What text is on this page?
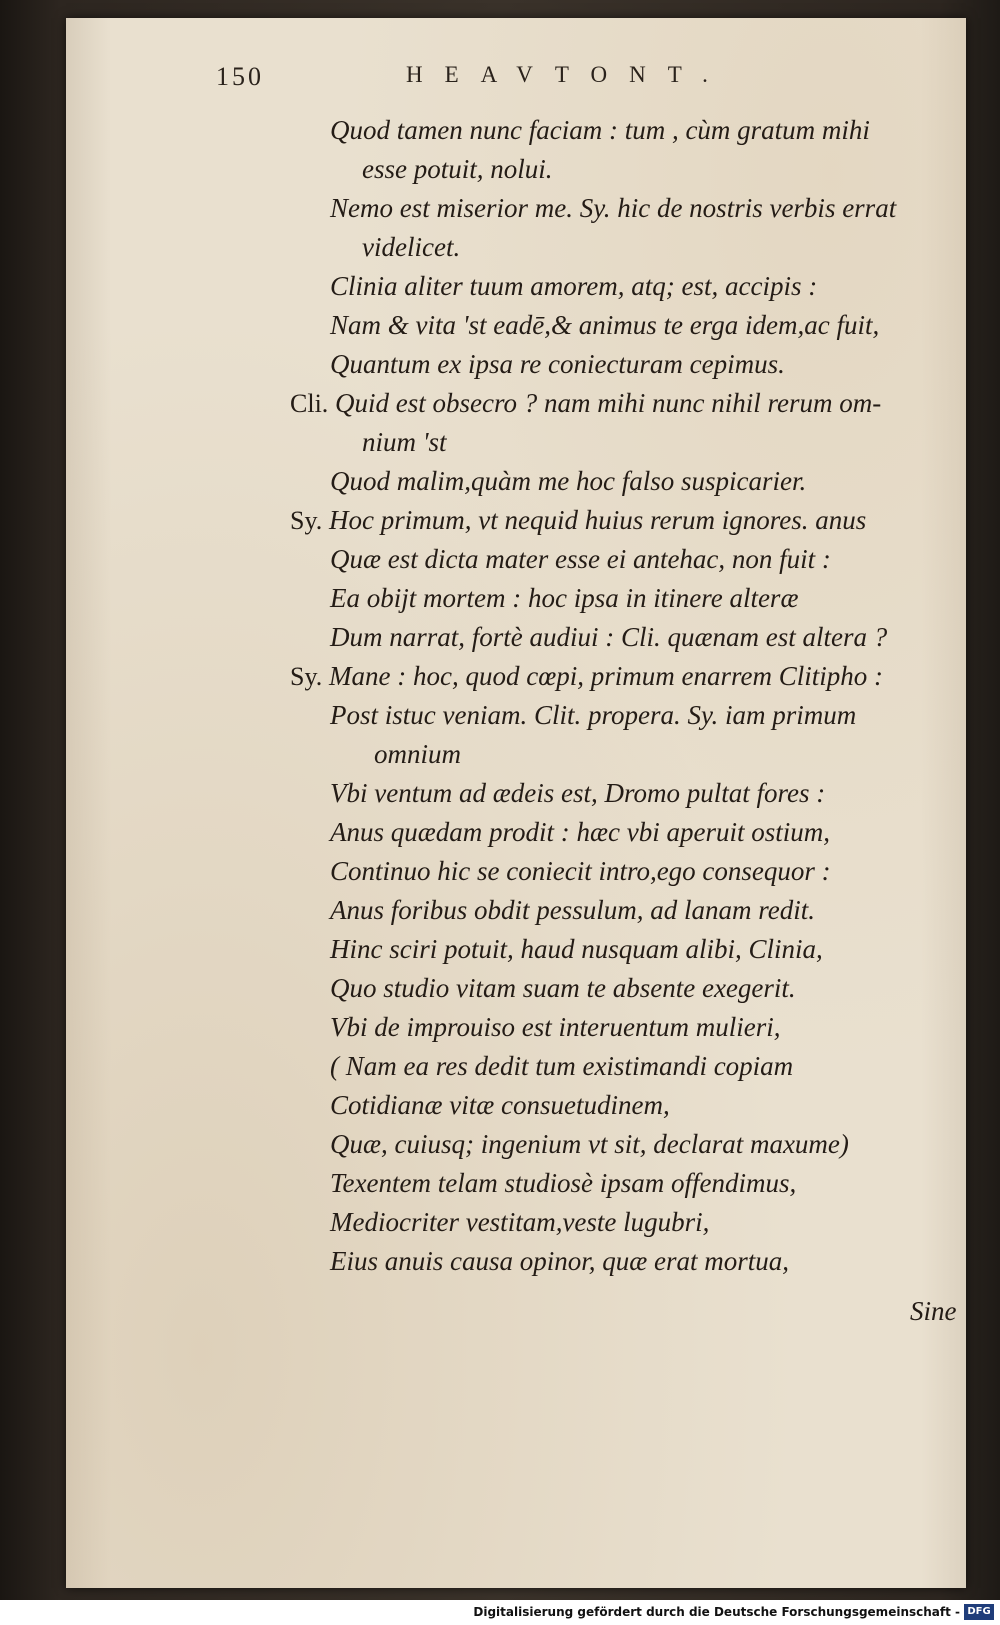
150	HEAVTONT.
Quod tamen nunc faciam : tum , cùm gratum mihi
esse potuit, nolui.
Nemo est miserior me. Sy. hic de nostris verbis errat
videlicet.
Clinia aliter tuum amorem, atq; est, accipis :
Nam & vita 'st eadē,& animus te erga idem,ac fuit,
Quantum ex ipsa re coniecturam cepimus.
Cli. Quid est obsecro ? nam mihi nunc nihil rerum om-
nium 'st
Quod malim,quàm me hoc falso suspicarier.
Sy. Hoc primum, vt nequid huius rerum ignores. anus
Quæ est dicta mater esse ei antehac, non fuit :
Ea obijt mortem : hoc ipsa in itinere alteræ
Dum narrat, fortè audiui : Cli. quænam est altera ?
Sy. Mane : hoc, quod cœpi, primum enarrem Clitipho :
Post istuc veniam. Clit. propera. Sy. iam primum
omnium
Vbi ventum ad ædeis est, Dromo pultat fores :
Anus quædam prodit : hæc vbi aperuit ostium,
Continuo hic se coniecit intro,ego consequor :
Anus foribus obdit pessulum, ad lanam redit.
Hinc sciri potuit, haud nusquam alibi, Clinia,
Quo studio vitam suam te absente exegerit.
Vbi de improuiso est interuentum mulieri,
( Nam ea res dedit tum existimandi copiam
Cotidianæ vitæ consuetudinem,
Quæ, cuiusq; ingenium vt sit, declarat maxume)
Texentem telam studiosè ipsam offendimus,
Mediocriter vestitam,veste lugubri,
Eius anuis causa opinor, quæ erat mortua,
Sine
Digitalisierung gefördert durch die Deutsche Forschungsgemeinschaft - DFG
